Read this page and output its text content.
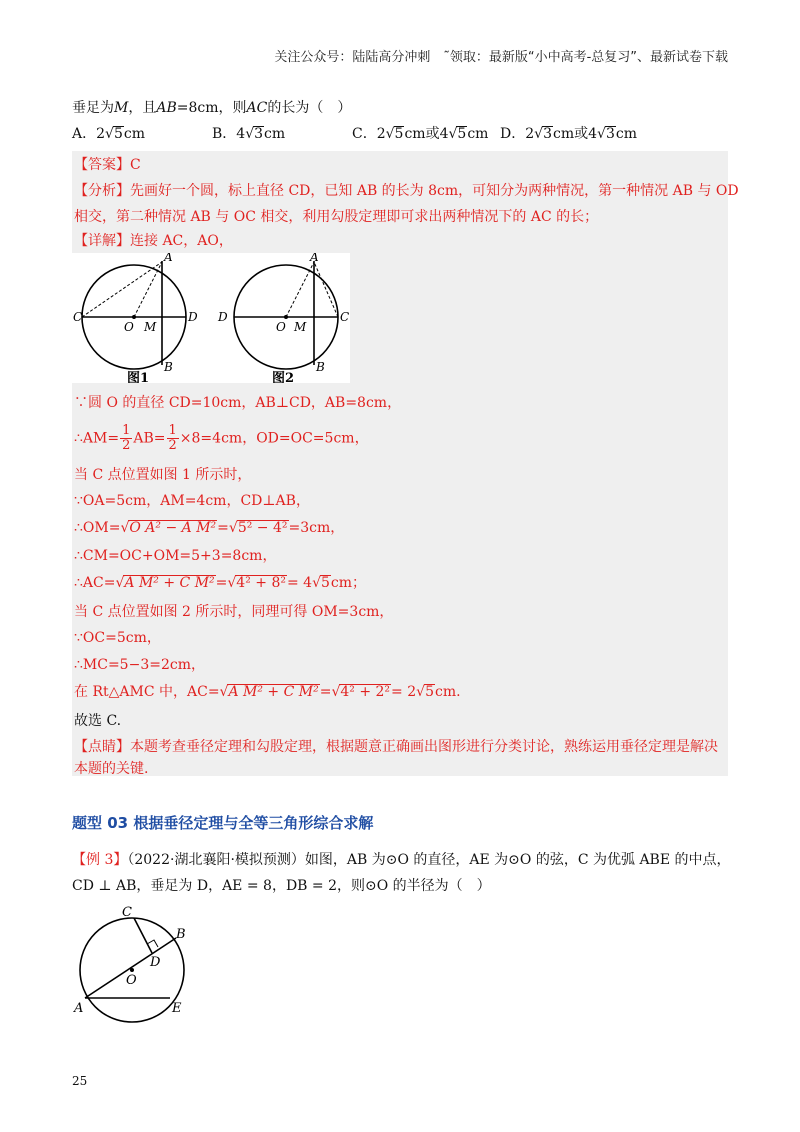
关注公众号：陆陆高分冲刺　˜领取：最新版“小中高考-总复习”、最新试卷下载
垂足为M，且AB=8cm，则AC的长为（　）
A．2√5cm	B．4√3cm	C．2√5cm或4√5cm D．2√3cm或4√3cm
【答案】C
【分析】先画好一个圆，标上直径 CD，已知 AB 的长为 8cm，可知分为两种情况，第一种情况 AB 与 OD
相交，第二种情况 AB 与 OC 相交，利用勾股定理即可求出两种情况下的 AC 的长；
【详解】连接 AC，AO，
A
C	D
O M
B
图1
A
D	C
O M
B
图2
∵圆 O 的直径 CD=10cm，AB⊥CD，AB=8cm，
∴AM= $\frac{1}{2} AB= \frac{1}{2} \times 8=4cm$，OD=OC=5cm，
当 C 点位置如图 1 所示时，
∵OA=5cm，AM=4cm，CD⊥AB，
∴OM=√O A² − A M²=√5² − 4²=3cm，
∴CM=OC+OM=5+3=8cm，
∴AC=√A M² + C M²=√4² + 8²= 4√5cm；
当 C 点位置如图 2 所示时，同理可得 OM=3cm，
∵OC=5cm，
∴MC=5−3=2cm，
在 Rt△AMC 中，AC=√A M² + C M²=√4² + 2²= 2√5cm.
故选 C.
【点睛】本题考查垂径定理和勾股定理，根据题意正确画出图形进行分类讨论，熟练运用垂径定理是解决
本题的关键.
题型 03 根据垂径定理与全等三角形综合求解
【例 3】（2022·湖北襄阳·模拟预测）如图，AB 为⊙O 的直径，AE 为⊙O 的弦，C 为优弧 ABE 的中点，
CD ⊥ AB，垂足为 D，AE = 8，DB = 2，则⊙O 的半径为（　）
C
B
D
O
A	E
25
